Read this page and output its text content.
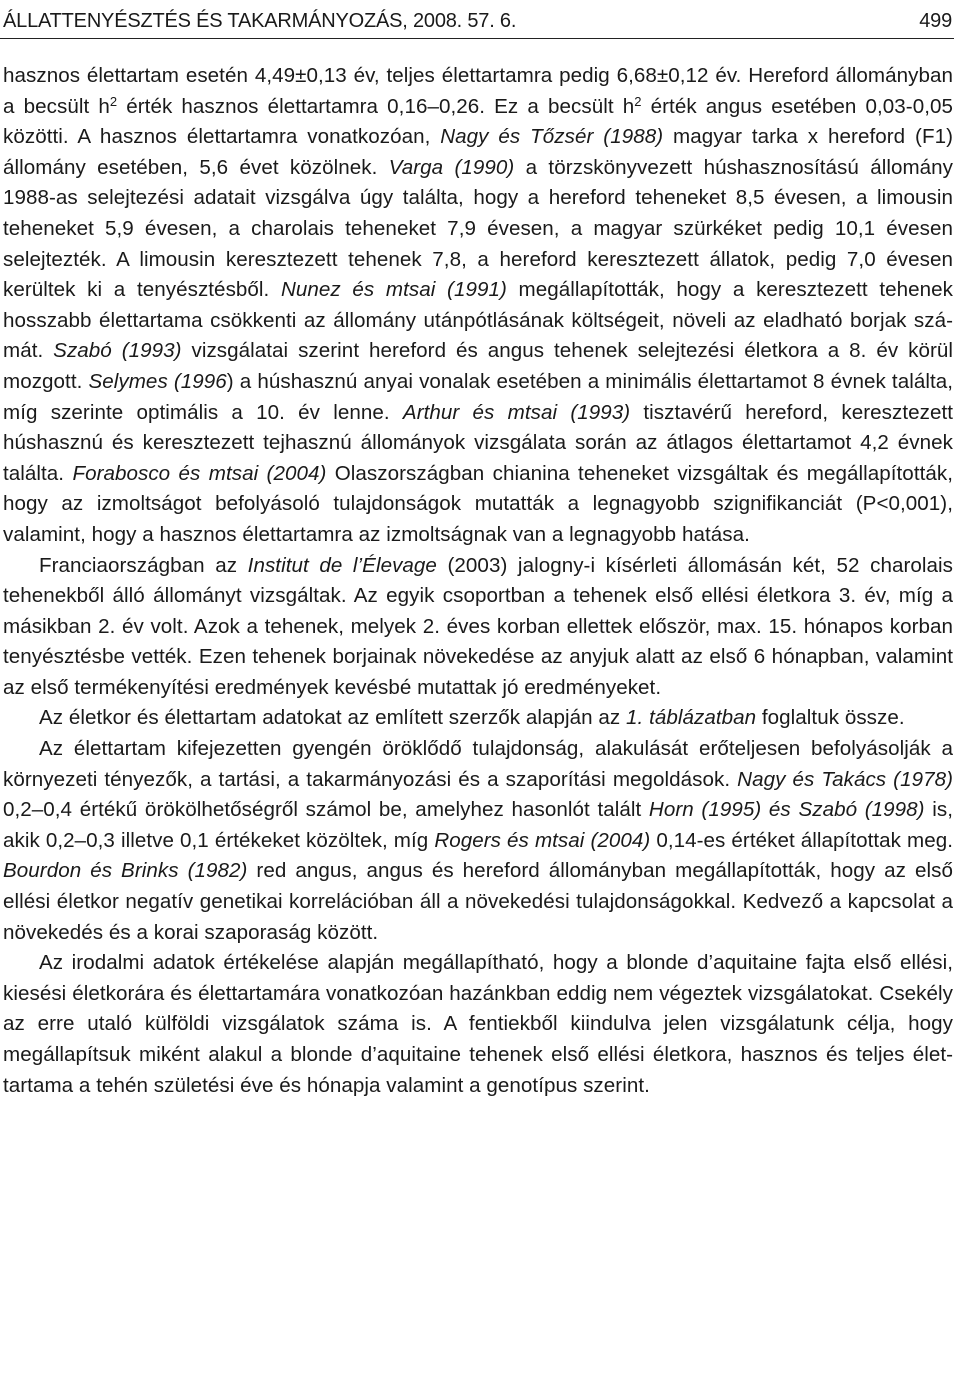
ÁLLATTENYÉSZTÉS ÉS TAKARMÁNYOZÁS, 2008. 57. 6.	499

hasznos élettartam esetén 4,49±0,13 év, teljes élettartamra pedig 6,68±0,12 év. Hereford állományban a becsült $h^2$ érték hasznos élettartamra 0,16–0,26. Ez a becsült $h^2$ érték angus esetében 0,03-0,05 közötti. A hasznos élettartamra vonatkozóan, Nagy és Tőzsér (1988) magyar tarka x hereford (F1) állomány esetében, 5,6 évet közölnek. Varga (1990) a törzskönyvezett húshasznosítású állomány 1988-as selejtezési adatait vizsgálva úgy találta, hogy a hereford teheneket 8,5 évesen, a limousin teheneket 5,9 évesen, a charolais teheneket 7,9 évesen, a magyar szürkéket pedig 10,1 évesen selejtezték. A limousin keresztezett tehenek 7,8, a hereford keresztezett állatok, pedig 7,0 évesen kerültek ki a tenyésztésből. Nunez és mtsai (1991) megállapították, hogy a keresztezett tehenek hosszabb élettartama csökkenti az állomány utánpótlásának költségeit, növeli az eladható borjak számát. Szabó (1993) vizsgálatai szerint hereford és angus tehenek selejtezési életkora a 8. év körül mozgott. Selymes (1996) a húshasznú anyai vonalak esetében a minimális élettartamot 8 évnek találta, míg szerinte optimális a 10. év lenne. Arthur és mtsai (1993) tisztavérű hereford, keresztezett húshasznú és keresztezett tejhasznú állományok vizsgálata során az átlagos élettartamot 4,2 évnek találta. Forabosco és mtsai (2004) Olaszországban chianina teheneket vizsgáltak és megállapították, hogy az izmoltságot befolyásoló tulajdonságok mutatták a legnagyobb szignifikanciát (P<0,001), valamint, hogy a hasznos élettartamra az izmoltságnak van a legnagyobb hatása.

Franciaországban az Institut de l’Élevage (2003) jalogny-i kísérleti állomásán két, 52 charolais tehenekből álló állományt vizsgáltak. Az egyik csoportban a tehenek első ellési életkora 3. év, míg a másikban 2. év volt. Azok a tehenek, melyek 2. éves korban ellettek először, max. 15. hónapos korban tenyésztésbe vették. Ezen tehenek borjainak növekedése az anyjuk alatt az első 6 hónapban, valamint az első termékenyítési eredmények kevésbé mutattak jó eredményeket.

Az életkor és élettartam adatokat az említett szerzők alapján az 1. táblázatban foglaltuk össze.

Az élettartam kifejezetten gyengén öröklődő tulajdonság, alakulását erőteljesen befolyásolják a környezeti tényezők, a tartási, a takarmányozási és a szaporítási megoldások. Nagy és Takács (1978) 0,2–0,4 értékű örökölhetőségről számol be, amelyhez hasonlót talált Horn (1995) és Szabó (1998) is, akik 0,2–0,3 illetve 0,1 értékeket közöltek, míg Rogers és mtsai (2004) 0,14-es értéket állapítottak meg. Bourdon és Brinks (1982) red angus, angus és hereford állományban megállapították, hogy az első ellési életkor negatív genetikai korrelációban áll a növekedési tulajdonságokkal. Kedvező a kapcsolat a növekedés és a korai szaporaság között.

Az irodalmi adatok értékelése alapján megállapítható, hogy a blonde d’aquitaine fajta első ellési, kiesési életkorára és élettartamára vonatkozóan hazánkban eddig nem végeztek vizsgálatokat. Csekély az erre utaló külföldi vizsgálatok száma is. A fentiekből kiindulva jelen vizsgálatunk célja, hogy megállapítsuk miként alakul a blonde d’aquitaine tehenek első ellési életkora, hasznos és teljes élettartama a tehén születési éve és hónapja valamint a genotípus szerint.
